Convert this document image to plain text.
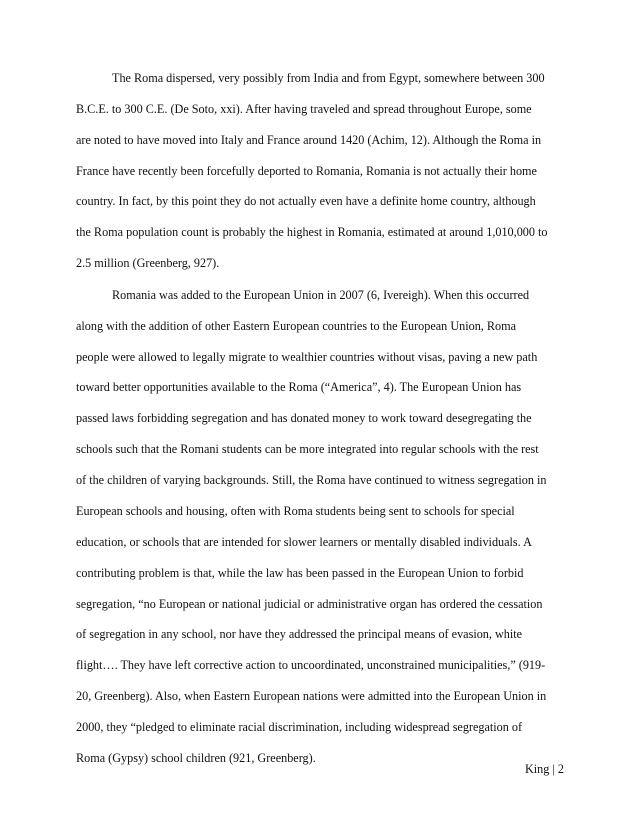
The Roma dispersed, very possibly from India and from Egypt, somewhere between 300
B.C.E. to 300 C.E. (De Soto, xxi). After having traveled and spread throughout Europe, some
are noted to have moved into Italy and France around 1420 (Achim, 12). Although the Roma in
France have recently been forcefully deported to Romania, Romania is not actually their home
country. In fact, by this point they do not actually even have a definite home country, although
the Roma population count is probably the highest in Romania, estimated at around 1,010,000 to
2.5 million (Greenberg, 927).
Romania was added to the European Union in 2007 (6, Ivereigh). When this occurred
along with the addition of other Eastern European countries to the European Union, Roma
people were allowed to legally migrate to wealthier countries without visas, paving a new path
toward better opportunities available to the Roma (“America”, 4). The European Union has
passed laws forbidding segregation and has donated money to work toward desegregating the
schools such that the Romani students can be more integrated into regular schools with the rest
of the children of varying backgrounds. Still, the Roma have continued to witness segregation in
European schools and housing, often with Roma students being sent to schools for special
education, or schools that are intended for slower learners or mentally disabled individuals. A
contributing problem is that, while the law has been passed in the European Union to forbid
segregation, “no European or national judicial or administrative organ has ordered the cessation
of segregation in any school, nor have they addressed the principal means of evasion, white
flight…. They have left corrective action to uncoordinated, unconstrained municipalities,” (919-
20, Greenberg). Also, when Eastern European nations were admitted into the European Union in
2000, they “pledged to eliminate racial discrimination, including widespread segregation of
Roma (Gypsy) school children (921, Greenberg).
King | 2
